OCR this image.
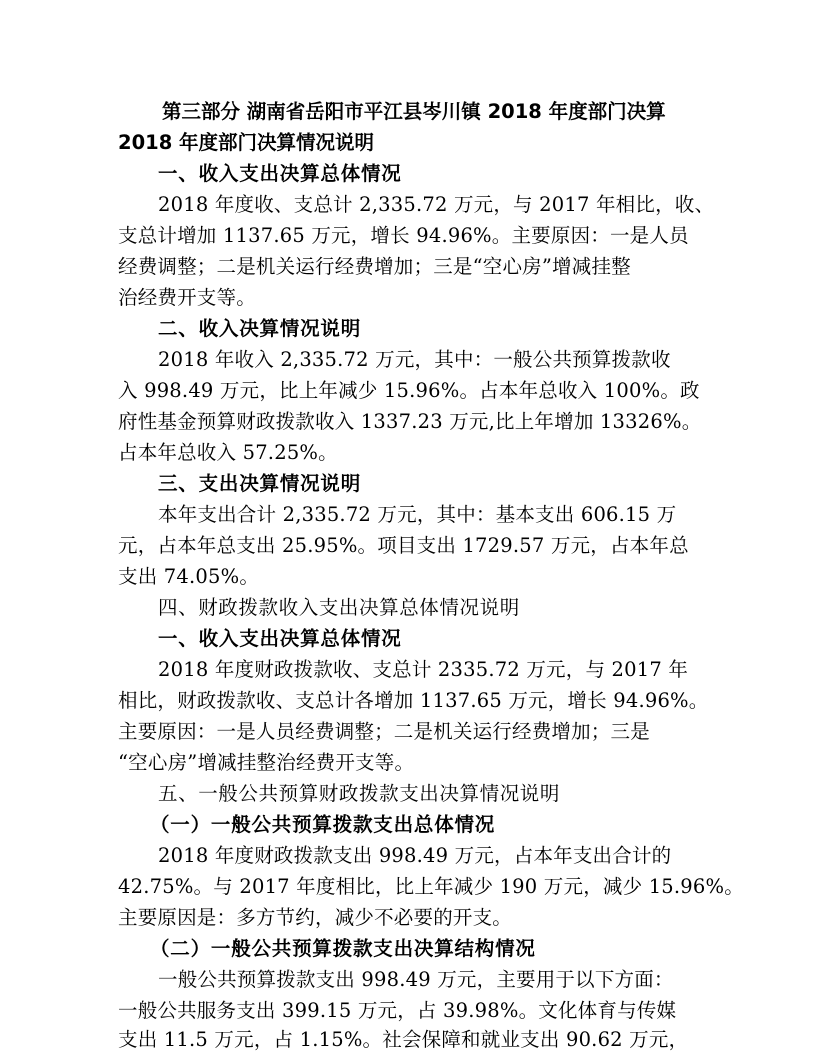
第三部分 湖南省岳阳市平江县岑川镇 2018 年度部门决算
2018 年度部门决算情况说明
一、收入支出决算总体情况
2018 年度收、支总计 2,335.72 万元，与 2017 年相比，收、
支总计增加 1137.65 万元，增长 94.96%。主要原因：一是人员
经费调整；二是机关运行经费增加；三是“空心房”增减挂整
治经费开支等。
二、收入决算情况说明
2018 年收入 2,335.72 万元，其中：一般公共预算拨款收
入 998.49 万元，比上年减少 15.96%。占本年总收入 100%。政
府性基金预算财政拨款收入 1337.23 万元,比上年增加 13326%。
占本年总收入 57.25%。
三、支出决算情况说明
本年支出合计 2,335.72 万元，其中：基本支出 606.15 万
元，占本年总支出 25.95%。项目支出 1729.57 万元，占本年总
支出 74.05%。
四、财政拨款收入支出决算总体情况说明
一、收入支出决算总体情况
2018 年度财政拨款收、支总计 2335.72 万元，与 2017 年
相比，财政拨款收、支总计各增加 1137.65 万元，增长 94.96%。
主要原因：一是人员经费调整；二是机关运行经费增加；三是
“空心房”增减挂整治经费开支等。
五、一般公共预算财政拨款支出决算情况说明
（一）一般公共预算拨款支出总体情况
2018 年度财政拨款支出 998.49 万元，占本年支出合计的
42.75%。与 2017 年度相比，比上年减少 190 万元，减少 15.96%。
主要原因是：多方节约，减少不必要的开支。
（二）一般公共预算拨款支出决算结构情况
一般公共预算拨款支出 998.49 万元，主要用于以下方面：
一般公共服务支出 399.15 万元，占 39.98%。文化体育与传媒
支出 11.5 万元，占 1.15%。社会保障和就业支出 90.62 万元，
